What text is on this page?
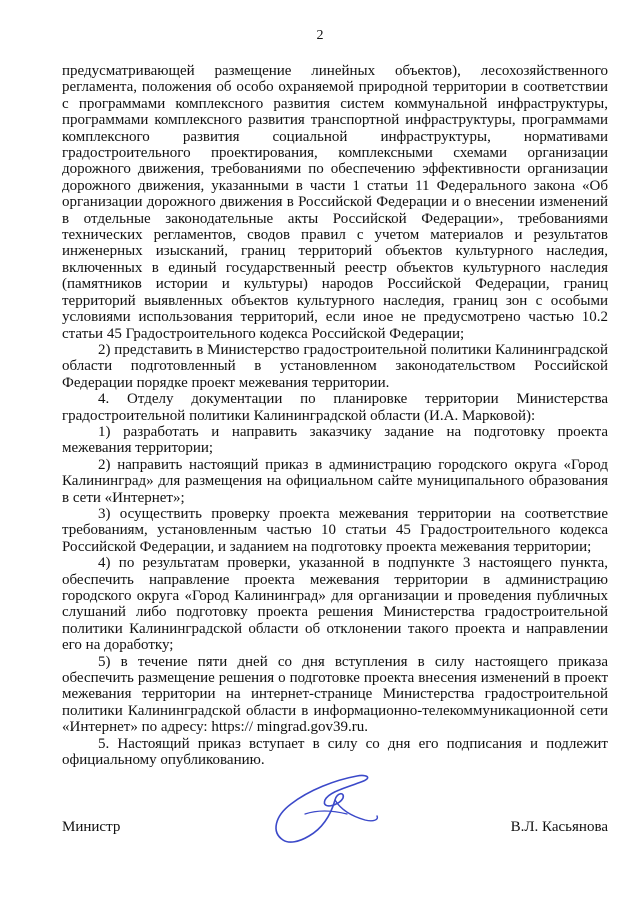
2

предусматривающей размещение линейных объектов), лесохозяйственного регламента, положения об особо охраняемой природной территории в соответствии с программами комплексного развития систем коммунальной инфраструктуры, программами комплексного развития транспортной инфраструктуры, программами комплексного развития социальной инфраструктуры, нормативами градостроительного проектирования, комплексными схемами организации дорожного движения, требованиями по обеспечению эффективности организации дорожного движения, указанными в части 1 статьи 11 Федерального закона «Об организации дорожного движения в Российской Федерации и о внесении изменений в отдельные законодательные акты Российской Федерации», требованиями технических регламентов, сводов правил с учетом материалов и результатов инженерных изысканий, границ территорий объектов культурного наследия, включенных в единый государственный реестр объектов культурного наследия (памятников истории и культуры) народов Российской Федерации, границ территорий выявленных объектов культурного наследия, границ зон с особыми условиями использования территорий, если иное не предусмотрено частью 10.2 статьи 45 Градостроительного кодекса Российской Федерации;

2) представить в Министерство градостроительной политики Калининградской области подготовленный в установленном законодательством Российской Федерации порядке проект межевания территории.

4. Отделу документации по планировке территории Министерства градостроительной политики Калининградской области (И.А. Марковой):

1) разработать и направить заказчику задание на подготовку проекта межевания территории;

2) направить настоящий приказ в администрацию городского округа «Город Калининград» для размещения на официальном сайте муниципального образования в сети «Интернет»;

3) осуществить проверку проекта межевания территории на соответствие требованиям, установленным частью 10 статьи 45 Градостроительного кодекса Российской Федерации, и заданием на подготовку проекта межевания территории;

4) по результатам проверки, указанной в подпункте 3 настоящего пункта, обеспечить направление проекта межевания территории в администрацию городского округа «Город Калининград» для организации и проведения публичных слушаний либо подготовку проекта решения Министерства градостроительной политики Калининградской области об отклонении такого проекта и направлении его на доработку;

5) в течение пяти дней со дня вступления в силу настоящего приказа обеспечить размещение решения о подготовке проекта внесения изменений в проект межевания территории на интернет-странице Министерства градостроительной политики Калининградской области в информационно-телекоммуникационной сети «Интернет» по адресу: https:// mingrad.gov39.ru.

5. Настоящий приказ вступает в силу со дня его подписания и подлежит официальному опубликованию.

Министр	В.Л. Касьянова
